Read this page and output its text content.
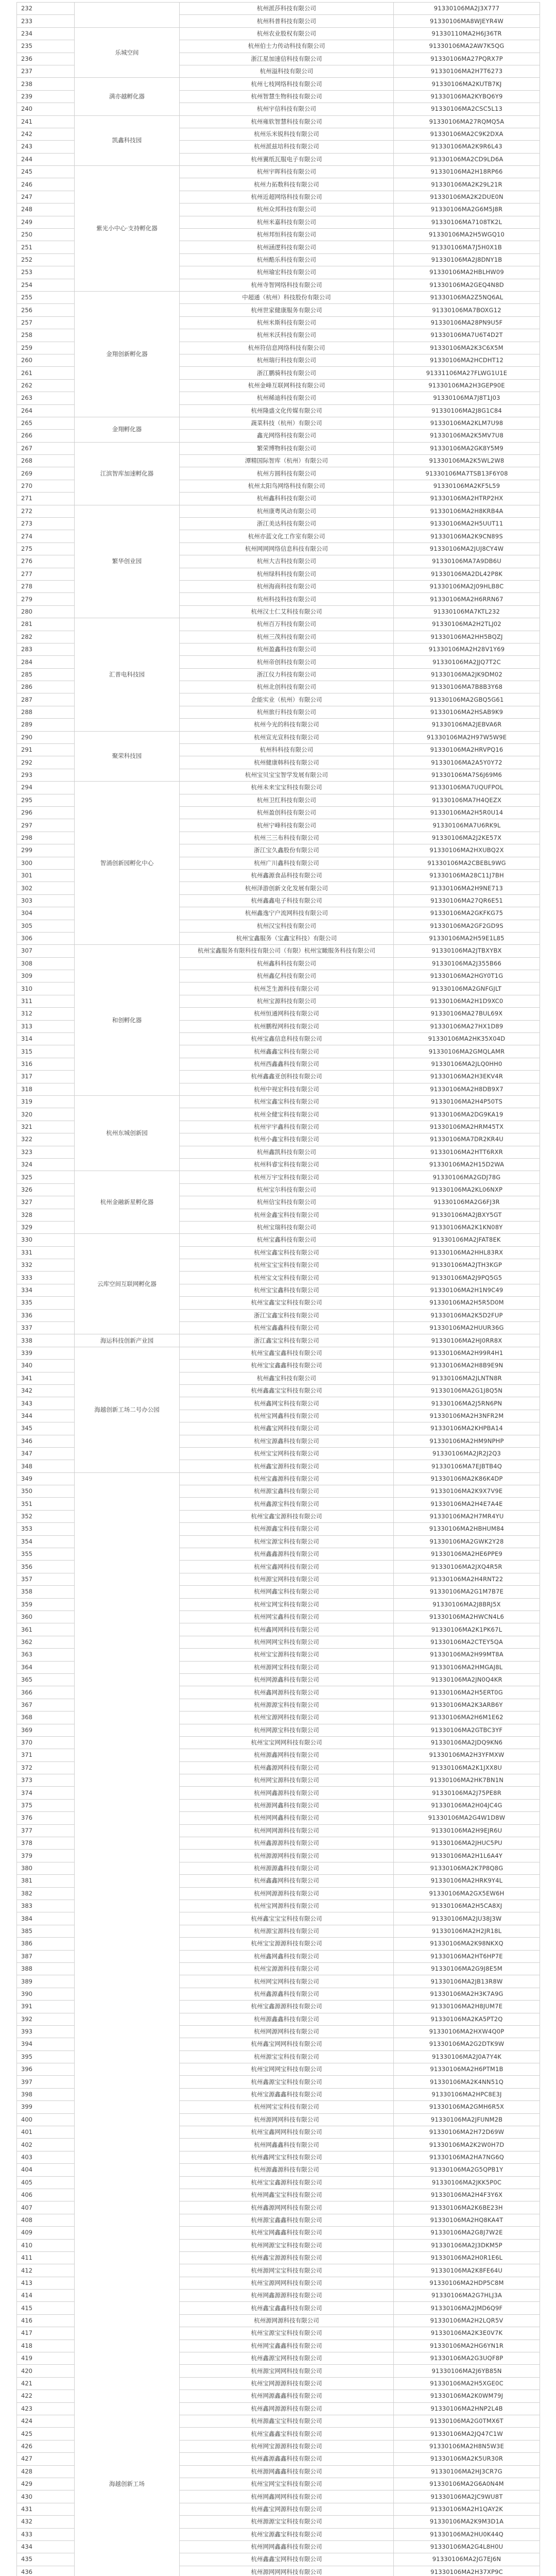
232		杭州派莎科技有限公司	91330106MA2J3X777
233		杭州科普科技有限公司	91330106MA8WJEYR4W
234	乐城空间	杭州农业股权有限公司	91330110MA2H6J36TR
235		杭州伯士力传动科技有限公司	91330106MA2AW7K5QG
236		浙江星加速信科技有限公司	91330106MA27PQRX7P
237		杭州溢科技有限公司	91330106MA2H7T6273
238	满亦越孵化器	杭州七枝网络科技有限公司	91330106MA2KUTB7KJ
239		杭州智慧生物科技有限公司	91330106MA2KYBQ6Y9
240		杭州宇信科技有限公司	91330106MA2CSC5L13
241	凯鑫科技园	杭州雍软智慧科技有限公司	91330106MA27RQMQ5A
242		杭州乐米锐科技有限公司	91330106MA2C9K2DXA
243		杭州派兹培科技有限公司	91330106MA2K9R6L43
244		杭州翼纸瓦服电子有限公司	91330106MA2CD9LD6A
245	紫光小中心·支持孵化器	杭州宇晖科技有限公司	91330106MA2H18RP66
246		杭州力拓数科技有限公司	91330106MA2K29L21R
247		杭州近超网络科技有限公司	91330106MA2K2DUE0N
248		杭州众邦科技有限公司	91330106MA2G6M5J8R
249		杭州米嘉科技有限公司	91330106MA7108TK2L
250		杭州邦恒科技有限公司	91330106MA2H5WGQ10
251		杭州涵逻科技有限公司	91330106MA7J5H0X1B
252		杭州酷乐科技有限公司	91330106MA2J8DNY1B
253		杭州瑜宏科技有限公司	91330106MA2HBLHW09
254		杭州寺智网络科技有限公司	91330106MA2GEQ4N8D
255	金翔创新孵化器	中超通（杭州）科技股份有限公司	91330106MA2Z5NQ6AL
256		杭州世家健康服务有限公司	91330106MA7BOXG12
257		杭州米斯科技有限公司	91330106MA28PN9U5F
258		杭州米沃科技有限公司	91330106MA7U6T4D2T
259		杭州符信息网络科技有限公司	91330106MA2K3C6X5M
260		杭州瑞行科技有限公司	91330106MA2HCDHT12
261		浙江鹏骑科技有限公司	91331106MA27FLWG1U1E
262		杭州金峰互联网科技有限公司	91330106MA2H3GEP90E
263		杭州稀迪科技有限公司	91330106MA7J8T1J03
264		杭州隆盛文化传媒有限公司	91330106MA2J8G1C84
265	金翔孵化器	蔬菜科技（杭州）有限公司	91330106MA2KLM7U98
266		鑫光网络科技有限公司	91330106MA2K5MV7U8
267	江滨智库加速孵化器	繁荣博物科技有限公司	91330106MA2GK8Y5M9
268		潭精国际智库（杭州）有限公司	91330106MA2K5WL2W8
269		杭州方圆科技有限公司	91330106MA7TSB13F6Y08
270		杭州太阳鸟网络科技有限公司	91330106MA2KF5L59
271		杭州鑫科科技有限公司	91330106MA2HTRP2HX
272	繁华创业园	杭州康粤风动有限公司	91330106MA2H8KRB4A
273		浙江美达科技有限公司	91330106MA2H5UUT11
274		杭州亦蓝文化工作室有限公司	91330106MA2K9CN89S
275		杭州网网网络信息科技有限公司	91330106MA2JUJ8CY4W
276		杭州大吉科技有限公司	91330106MA7A9DB6U
277		杭州绿科科技有限公司	91330106MA2DL42P8K
278		杭州海商科技有限公司	91330106MA2J09HLB8C
279		杭州科技科技有限公司	91330106MA2H6RRN67
280		杭州汉士仁艾科技有限公司	91330106MA7KTL232
281	汇普电科技园	杭州百万科技有限公司	91330106MA2H2TLJ02
282		杭州三茂科技有限公司	91330106MA2HH5BQZJ
283		杭州盈鑫科技有限公司	91330106MA2H28V1Y69
284		杭州帝创科技有限公司	91330106MA2JJQ7T2C
285		浙江仪力科技有限公司	91330106MA2JK9DM02
286		杭州北创科技有限公司	91330106MA7B8B3Y68
287		企能实业（杭州）有限公司	91330106MA2GBQ5G61
288		杭州旅行科技有限公司	91330106MA2HSAB9K9
289		杭州今光的科技有限公司	91330106MA2JEBVA6R
290	聚荣科技园	杭州宣光宣科技有限公司	91330106MA2H97W5W9E
291		杭州科科技有限公司	91330106MA2HRVPQ16
292		杭州健康韩科技有限公司	91330106MA2A5Y0Y72
293		杭州宝贝宝宝智学发展有限公司	91330106MA7S6J69M6
294	智涌创新园孵化中心	杭州未来宝宝科技有限公司	91330106MA7UQUFPOL
295		杭州卫红科技有限公司	91330106MA7H4QEZX
296		杭州盈创科技有限公司	91330106MA2H5R0U14
297		杭州宁峰科技有限公司	91330106MA7U6RK9L
298		杭州三三布科技有限公司	91330106MA2J2KE57X
299		浙江宝久鑫股份有限公司	91330106MA2HXUBQ2X
300		杭州广川鑫科技有限公司	91330106MA2CBEBL9WG
301		杭州鑫源食品科技有限公司	91330106MA28C11J7BH
302		杭州泽游创新文化发展有限公司	91330106MA2H9NE713
303		杭州鑫鑫电子科技有限公司	91330106MA27QR6E51
304		杭州鑫逸宁户流网科技有限公司	91330106MA2GKFKG75
305		杭州汉宝科技有限公司	91330106MA2GF2GD9S
306		杭州宝鑫服务（宝鑫宝科技）有限公司	91330106MA2H59E1L85
307	和创孵化器	杭州宝鑫服务有限科技有限公司（有限）杭州宝瞰服务科技有限公司	91330106MA2JTBXYBX
308		杭州鑫科科技有限公司	91330106MA2J355B66
309		杭州鑫亿科技有限公司	91330106MA2HGY0T1G
310		杭州芝生源科技有限公司	91330106MA2GNFGJLT
311		杭州宝源科技有限公司	91330106MA2H1D9XC0
312		杭州恒通网科技有限公司	91330106MA27BUL69X
313		杭州鹏程网科技有限公司	91330106MA27HX1D89
314		杭州宝鑫信息科技有限公司	91330106MA2HK35X04D
315		杭州鑫鑫宝科技有限公司	91330106MA2GMQLAMR
316		杭州西鑫鑫科技有限公司	91330106MA2JLQ0HH0
317		杭州鑫鑫亚创科技有限公司	91330106MA2H3EKV4R
318		杭州中视宏科技有限公司	91330106MA2H8DB9X7
319	杭州东城创新园	杭州宝鑫宝科技有限公司	91330106MA2H4P50TS
320		杭州全健宝科技有限公司	91330106MA2DG9KA19
321		杭州宇宇鑫科技有限公司	91330106MA2HRM45TX
322		杭州小鑫宝科技有限公司	91330106MA7DR2KR4U
323		杭州鑫凯科技有限公司	91330106MA2HTT6RXR
324		杭州科睿宝科技有限公司	91330106MA2H15D2WA
325	杭州金融新星孵化器	杭州万宇宝科技有限公司	91330106MA2GDJ78G
326		杭州宝尔科技有限公司	91330106MA2KL06NXP
327		杭州信宝科技有限公司	91330106MA2G6FJ3R
328		杭州金鑫宝科技有限公司	91330106MA2JBXY5GT
329		杭州宝瑞科技有限公司	91330106MA2K1KN08Y
330	云库空间互联网孵化器	杭州宝鑫科技有限公司	91330106MA2JFAT8EK
331		杭州宝鑫宝科技有限公司	91330106MA2HHL83RX
332		杭州宝宝宝科技有限公司	91330106MA2JTH3KGP
333		杭州宝文宝科技有限公司	91330106MA2J9PQ5G5
334		杭州宝宝鑫科技有限公司	91330106MA2H1N9C49
335		杭州宝鑫宝宝科技有限公司	91330106MA2H5R5D0M
336		浙江宝鑫宝科技有限公司	91330106MA2K5D2FUP
337		杭州宝鑫鑫科技有限公司	91330106MA2HUUR36G
338	海运科技创新产业园	浙江鑫宝宝科技有限公司	91330106MA2HJ0RR8X
339	海越创新工场二号办公园	杭州宝鑫宝鑫科技有限公司	91330106MA2H99R4H1
340		杭州宝宝鑫鑫科技有限公司	91330106MA2H8B9E9N
341		杭州鑫宝科技有限公司	91330106MA2JLNTN8R
342		杭州鑫鑫宝宝科技有限公司	91330106MA2G1J8Q5N
343		杭州鑫网宝科技有限公司	91330106MA2J5RN6PN
344		杭州宝网鑫科技有限公司	91330106MA2H3NFR2M
345		杭州鑫宝网科技有限公司	91330106MA2KHPBA14
346		杭州宝源鑫科技有限公司	91330106MA2HM9NPHP
347		杭州宝宝网科技有限公司	91330106MA2JR2J2Q3
348		杭州鑫宝源科技有限公司	91330106MA7EJBTB4Q
349	海越创新工场	杭州宝鑫源科技有限公司	91330106MA2K86K4DP
350		杭州源宝鑫科技有限公司	91330106MA2K9X7V9E
351		杭州鑫源宝科技有限公司	91330106MA2H4E7A4E
352		杭州宝鑫宝源科技有限公司	91330106MA2H7MR4YU
353		杭州源鑫宝科技有限公司	91330106MA2HBHUM84
354		杭州宝源宝科技有限公司	91330106MA2GWK2Y28
355		杭州鑫鑫源科技有限公司	91330106MA2HE6PPE9
356		杭州宝鑫网科技有限公司	91330106MA2JXQ4R5R
357		杭州源宝网科技有限公司	91330106MA2H4RNT22
358		杭州网鑫宝科技有限公司	91330106MA2G1M7B7E
359		杭州宝网宝科技有限公司	91330106MA2J8BRJ5X
360		杭州网宝鑫科技有限公司	91330106MA2HWCN4L6
361		杭州鑫网网科技有限公司	91330106MA2K1PK67L
362		杭州网网宝科技有限公司	91330106MA2CTEY5QA
363		杭州宝宝源科技有限公司	91330106MA2H99MT8A
364		杭州源网宝科技有限公司	91330106MA2HMGAJ8L
365		杭州网源鑫科技有限公司	91330106MA2JN0Q4KR
366		杭州鑫网源科技有限公司	91330106MA2H5ERT0G
367		杭州源源宝科技有限公司	91330106MA2K3ARB6Y
368		杭州宝源网科技有限公司	91330106MA2H6M1E62
369		杭州网源宝科技有限公司	91330106MA2GTBC3YF
370		杭州宝宝网网科技有限公司	91330106MA2JDQ9KN6
371		杭州源鑫网科技有限公司	91330106MA2H3YFMXW
372		杭州鑫源网科技有限公司	91330106MA2K1JXX8U
373		杭州网宝源科技有限公司	91330106MA2HK7BN1N
374		杭州网鑫源科技有限公司	91330106MA2J75PE8R
375		杭州源网鑫科技有限公司	91330106MA2H04JC4G
376		杭州网网鑫科技有限公司	91330106MA2G4W1D8W
377		杭州网网源科技有限公司	91330106MA2H9EJR6U
378		杭州鑫源源科技有限公司	91330106MA2JHUC5PU
379		杭州源源网科技有限公司	91330106MA2H1L6A4Y
380		杭州源源鑫科技有限公司	91330106MA2K7P8Q8G
381		杭州鑫鑫网科技有限公司	91330106MA2HRK9Y4L
382		杭州网源源科技有限公司	91330106MA2GX5EW6H
383		杭州宝网源科技有限公司	91330106MA2H5CA8XJ
384		杭州鑫宝宝宝科技有限公司	91330106MA2JU38J3W
385		杭州源宝源科技有限公司	91330106MA2H2JR18L
386		杭州宝宝源源科技有限公司	91330106MA2K98NKXQ
387		杭州鑫网鑫科技有限公司	91330106MA2HT6HP7E
388		杭州宝源源科技有限公司	91330106MA2G9J8E5M
389		杭州网宝网科技有限公司	91330106MA2JB13R8W
390		杭州鑫源鑫科技有限公司	91330106MA2H3K7A9G
391		杭州宝鑫源源科技有限公司	91330106MA2H8JUM7E
392		杭州源鑫鑫科技有限公司	91330106MA2KA5PT2Q
393		杭州网源网科技有限公司	91330106MA2HXW4Q0P
394		杭州鑫宝网网科技有限公司	91330106MA2G2DTK9W
395		杭州源宝宝科技有限公司	91330106MA2J0A7Y4K
396		杭州宝网网宝科技有限公司	91330106MA2H6PTM1B
397		杭州鑫源宝宝科技有限公司	91330106MA2K4NN51Q
398		杭州宝源鑫鑫科技有限公司	91330106MA2HPC8E3J
399		杭州网宝宝科技有限公司	91330106MA2GMH6R5X
400		杭州源网网科技有限公司	91330106MA2JFUNM2B
401		杭州宝鑫网网科技有限公司	91330106MA2H72D69W
402		杭州网鑫鑫科技有限公司	91330106MA2K2W0H7D
403		杭州鑫网宝宝科技有限公司	91330106MA2HA7NG6Q
404		杭州源鑫源科技有限公司	91330106MA2G5QPB1Y
405		杭州宝宝鑫源科技有限公司	91330106MA2JKK5P0C
406		杭州网鑫宝宝科技有限公司	91330106MA2H4F3Y6X
407		杭州鑫源网网科技有限公司	91330106MA2K6BE23H
408		杭州源宝鑫鑫科技有限公司	91330106MA2HQ8KA4T
409		杭州宝网鑫鑫科技有限公司	91330106MA2G8J7W2E
410		杭州网源宝宝科技有限公司	91330106MA2J3DKM5P
411		杭州鑫宝源源科技有限公司	91330106MA2H0R1E6L
412		杭州源网宝宝科技有限公司	91330106MA2K8FE64U
413		杭州宝源网网科技有限公司	91330106MA2HDP5C8M
414		杭州网鑫源源科技有限公司	91330106MA2G7HLJ3A
415		杭州鑫宝鑫鑫科技有限公司	91330106MA2JMD6Q9F
416		杭州源网源科技有限公司	91330106MA2H2LQR5V
417		杭州宝源宝宝科技有限公司	91330106MA2K3E0V7K
418		杭州网宝鑫鑫科技有限公司	91330106MA2HG6YN1R
419		杭州鑫源宝网科技有限公司	91330106MA2G3UQF8P
420		杭州源宝网网科技有限公司	91330106MA2J6YB85N
421		杭州宝网源源科技有限公司	91330106MA2H5XGE0C
422		杭州网源鑫鑫科技有限公司	91330106MA2K0WM79J
423		杭州鑫网源源科技有限公司	91330106MA2HNP2L4B
424		杭州源鑫宝宝科技有限公司	91330106MA2G0TMX6T
425		杭州宝鑫鑫宝科技有限公司	91330106MA2JQ47C1W
426		杭州网宝源源科技有限公司	91330106MA2H8N5W3E
427		杭州鑫源鑫鑫科技有限公司	91330106MA2K5UR30R
428		杭州源网鑫鑫科技有限公司	91330106MA2HJ3CR7G
429		杭州宝网宝宝科技有限公司	91330106MA2G6A0N4M
430		杭州网鑫网网科技有限公司	91330106MA2JC9WU8T
431		杭州鑫宝网源科技有限公司	91330106MA2H1QAY2K
432		杭州源源宝宝科技有限公司	91330106MA2K9M3D1A
433		杭州宝源鑫宝科技有限公司	91330106MA2HU0K44Q
434		杭州网网鑫鑫科技有限公司	91330106MA2G4L8H0U
435		杭州鑫鑫宝网科技有限公司	91330106MA2JG7EJ6N
436		杭州源网网网科技有限公司	91330106MA2H37XP9C
